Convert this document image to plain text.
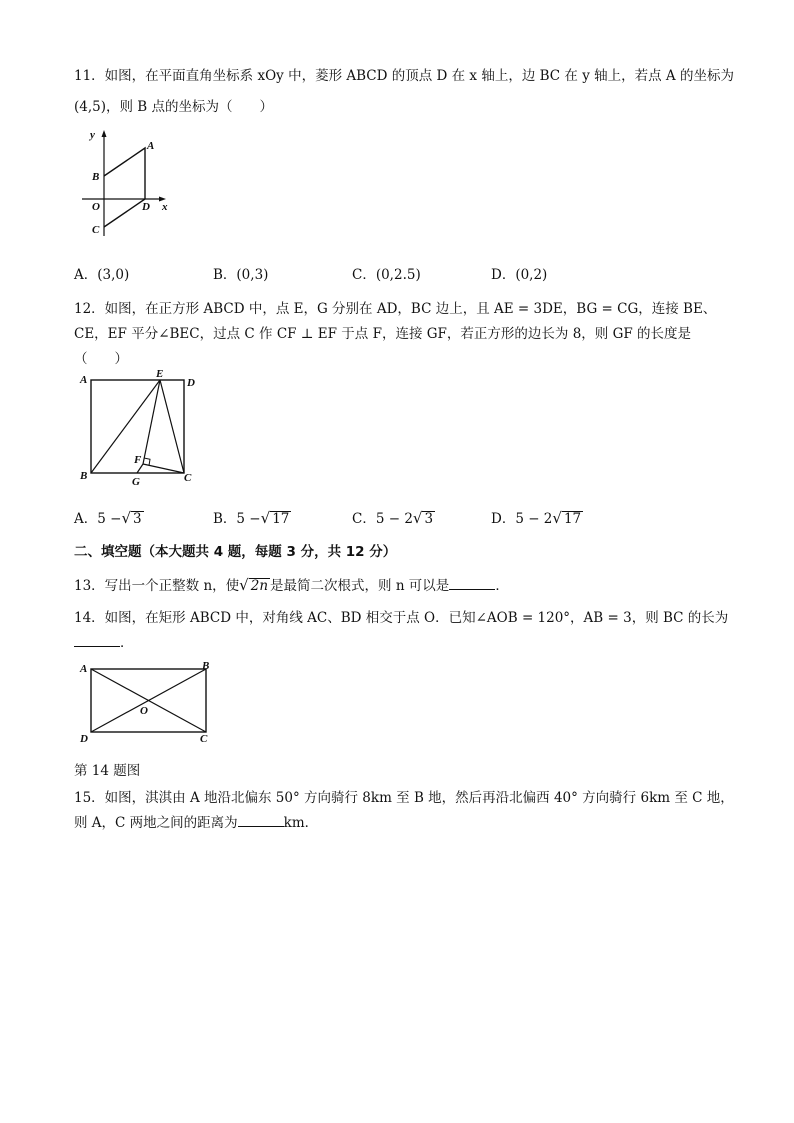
11．如图，在平面直角坐标系 xOy 中，菱形 ABCD 的顶点 D 在 x 轴上，边 BC 在 y 轴上，若点 A 的坐标为
(4,5)，则 B 点的坐标为（　　）
y
A
B
O	D x
C
A．(3,0)	B．(0,3)	C．(0,2.5)	D．(0,2)
12．如图，在正方形 ABCD 中，点 E，G 分别在 AD，BC 边上，且 AE = 3DE，BG = CG，连接 BE、
CE，EF 平分∠BEC，过点 C 作 CF ⊥ EF 于点 F，连接 GF，若正方形的边长为 8，则 GF 的长度是
（　　）
A	E
D
F
B	G	C
A．5 −√ 3	B．5 −√ 17	C．5 − 2√ 3	D．5 − 2√ 17
二、填空题（本大题共 4 题，每题 3 分，共 12 分）
13．写出一个正整数 n，使√ 2n 是最简二次根式，则 n 可以是	．
14．如图，在矩形 ABCD 中，对角线 AC、BD 相交于点 O．已知∠AOB = 120°，AB = 3，则 BC 的长为
．
A	B
O
D	C
第 14 题图
15．如图，淇淇由 A 地沿北偏东 50° 方向骑行 8km 至 B 地，然后再沿北偏西 40° 方向骑行 6km 至 C 地，
则 A，C 两地之间的距离为	km．
